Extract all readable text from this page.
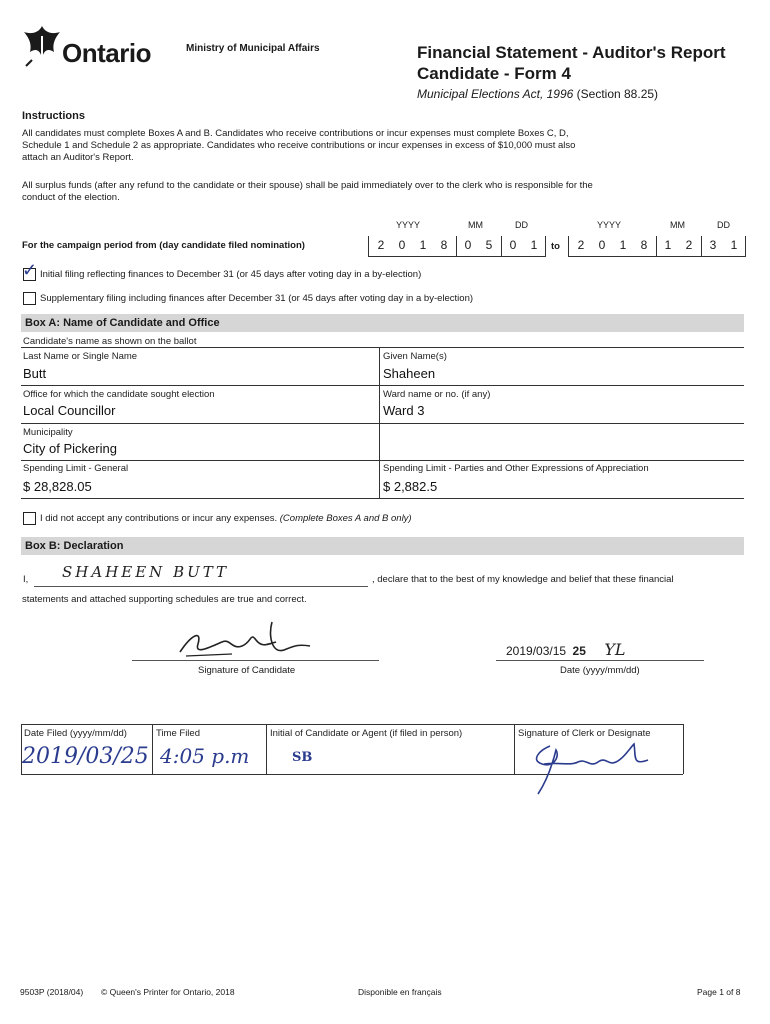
Ontario	Ministry of Municipal Affairs	Financial Statement - Auditor's Report
Candidate - Form 4
Municipal Elections Act, 1996 (Section 88.25)
Instructions
All candidates must complete Boxes A and B. Candidates who receive contributions or incur expenses must complete Boxes C, D,
Schedule 1 and Schedule 2 as appropriate. Candidates who receive contributions or incur expenses in excess of $10,000 must also
attach an Auditor's Report.
All surplus funds (after any refund to the candidate or their spouse) shall be paid immediately over to the clerk who is responsible for the
conduct of the election.
YYYY	MM	DD	YYYY	MM	DD
For the campaign period from (day candidate filed nomination)	2	0	1	8	0	5	0	1	to	2	0	1	8	1	2	3	1
✓ Initial filing reflecting finances to December 31 (or 45 days after voting day in a by-election)
Supplementary filing including finances after December 31 (or 45 days after voting day in a by-election)
Box A: Name of Candidate and Office
Candidate's name as shown on the ballot
Last Name or Single Name
Butt
Given Name(s)
Shaheen
Office for which the candidate sought election
Local Councillor
Ward name or no. (if any)
Ward 3
Municipality
City of Pickering
Spending Limit - General
$ 28,828.05
Spending Limit - Parties and Other Expressions of Appreciation
$ 2,882.5
I did not accept any contributions or incur any expenses. (Complete Boxes A and B only)
Box B: Declaration
I, SHAHEEN BUTT	, declare that to the best of my knowledge and belief that these financial
statements and attached supporting schedules are true and correct.
Signature of Candidate
2019/03/15 25 YL
Date (yyyy/mm/dd)
Date Filed (yyyy/mm/dd)
2019/03/25
Time Filed
4:05 p.m
Initial of Candidate or Agent (if filed in person)
SB
Signature of Clerk or Designate
9503P (2018/04) © Queen's Printer for Ontario, 2018	Disponible en français	Page 1 of 8
